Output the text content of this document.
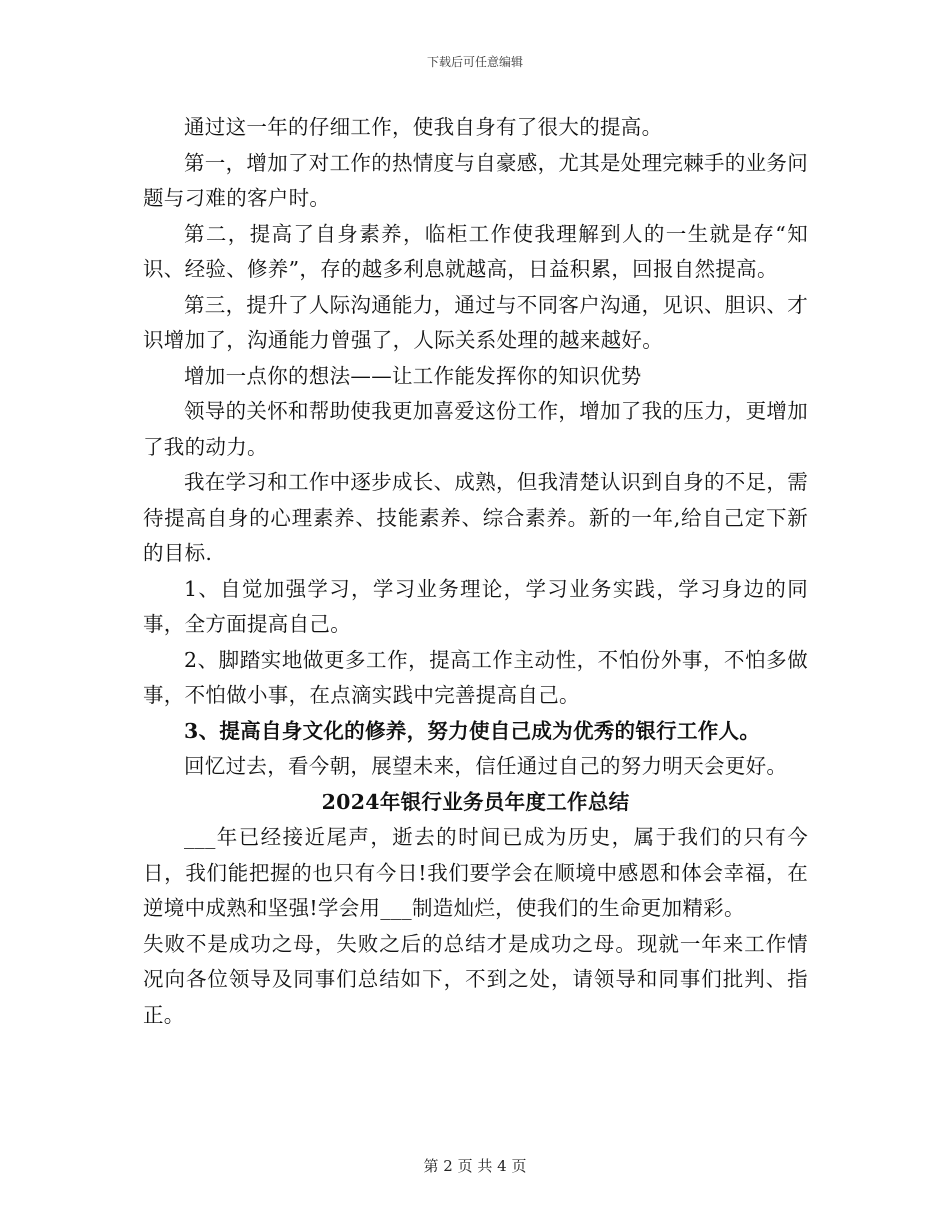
下载后可任意编辑

通过这一年的仔细工作，使我自身有了很大的提高。

第一，增加了对工作的热情度与自豪感，尤其是处理完棘手的业务问题与刁难的客户时。

第二，提高了自身素养，临柜工作使我理解到人的一生就是存“知识、经验、修养”，存的越多利息就越高，日益积累，回报自然提高。

第三，提升了人际沟通能力，通过与不同客户沟通，见识、胆识、才识增加了，沟通能力曾强了，人际关系处理的越来越好。

增加一点你的想法——让工作能发挥你的知识优势

领导的关怀和帮助使我更加喜爱这份工作，增加了我的压力，更增加了我的动力。

我在学习和工作中逐步成长、成熟，但我清楚认识到自身的不足，需待提高自身的心理素养、技能素养、综合素养。新的一年,给自己定下新的目标.

1、自觉加强学习，学习业务理论，学习业务实践，学习身边的同事，全方面提高自己。

2、脚踏实地做更多工作，提高工作主动性，不怕份外事，不怕多做事，不怕做小事，在点滴实践中完善提高自己。

3、提高自身文化的修养，努力使自己成为优秀的银行工作人。

回忆过去，看今朝，展望未来，信任通过自己的努力明天会更好。

2024年银行业务员年度工作总结

___年已经接近尾声，逝去的时间已成为历史，属于我们的只有今日，我们能把握的也只有今日!我们要学会在顺境中感恩和体会幸福，在逆境中成熟和坚强!学会用___制造灿烂，使我们的生命更加精彩。

失败不是成功之母，失败之后的总结才是成功之母。现就一年来工作情况向各位领导及同事们总结如下，不到之处，请领导和同事们批判、指正。

第 2 页 共 4 页
